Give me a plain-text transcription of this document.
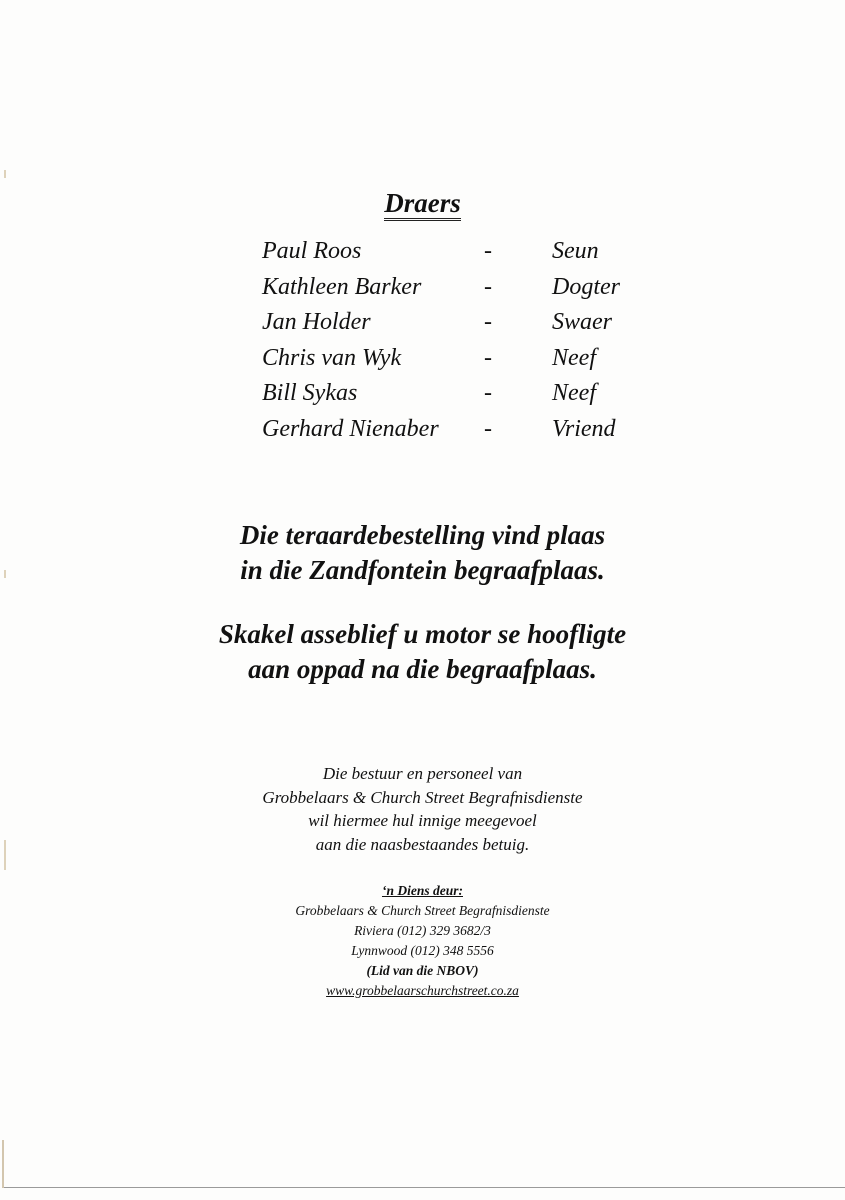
Draers
Paul Roos	-	Seun
Kathleen Barker	-	Dogter
Jan Holder	-	Swaer
Chris van Wyk	-	Neef
Bill Sykas	-	Neef
Gerhard Nienaber -	Vriend
Die teraardebestelling vind plaas
in die Zandfontein begraafplaas.
Skakel asseblief u motor se hoofligte
aan oppad na die begraafplaas.
Die bestuur en personeel van
Grobbelaars & Church Street Begrafnisdienste
wil hiermee hul innige meegevoel
aan die naasbestaandes betuig.
‘n Diens deur:
Grobbelaars & Church Street Begrafnisdienste
Riviera (012) 329 3682/3
Lynnwood (012) 348 5556
(Lid van die NBOV)
www.grobbelaarschurchstreet.co.za
